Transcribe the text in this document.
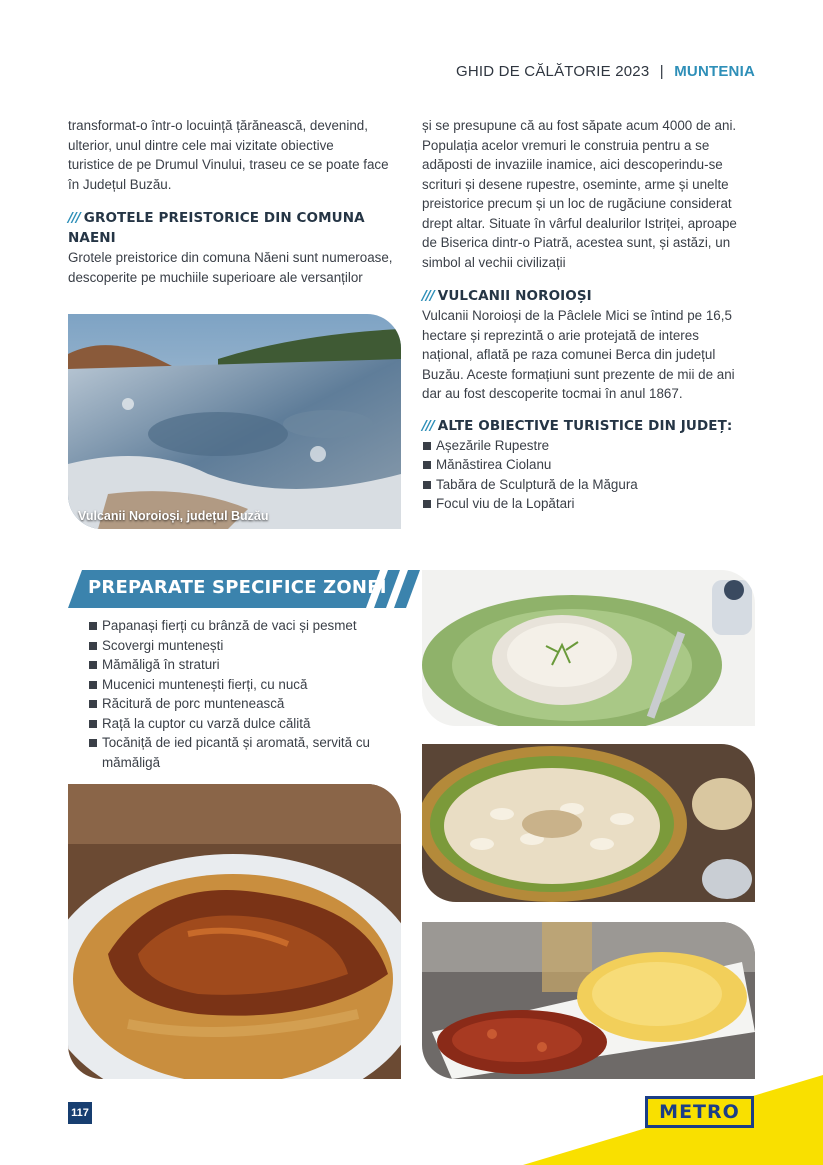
GHID DE CĂLĂTORIE 2023 | MUNTENIA

transformat-o într-o locuință țărănească, devenind,

ulterior, unul dintre cele mai vizitate obiective

turistice de pe Drumul Vinului, traseu ce se poate face

în Județul Buzău.

/// GROTELE PREISTORICE DIN COMUNA
NAENI

Grotele preistorice din comuna Năeni sunt numeroase,

descoperite pe muchiile superioare ale versanților

și se presupune că au fost săpate acum 4000 de ani.

Populația acelor vremuri le construia pentru a se

adăposti de invaziile inamice, aici descoperindu-se

scrituri și desene rupestre, oseminte, arme și unelte

preistorice precum și un loc de rugăciune considerat

drept altar. Situate în vârful dealurilor Istriței, aproape

de Biserica dintr-o Piatră, acestea sunt, și astăzi, un

simbol al vechii civilizații

/// VULCANII NOROIOȘI

Vulcanii Noroioși de la Pâclele Mici se întind pe 16,5

hectare și reprezintă o arie protejată de interes

național, aflată pe raza comunei Berca din județul

Buzău. Aceste formațiuni sunt prezente de mii de ani

dar au fost descoperite tocmai în anul 1867.

/// ALTE OBIECTIVE TURISTICE DIN JUDEȚ:
Așezările Rupestre
Mănăstirea Ciolanu
Tabăra de Sculptură de la Măgura
Focul viu de la Lopătari
Vulcanii Noroioși, județul Buzău
PREPARATE SPECIFICE ZONEI
Papanași fierți cu brânză de vaci și pesmet
Scovergi muntenești
Mămăligă în straturi
Mucenici muntenești fierți, cu nucă
Răcitură de porc muntenească
Rață la cuptor cu varză dulce călită
Tocăniță de ied picantă și aromată, servită cu
mămăligă
117	METRO
